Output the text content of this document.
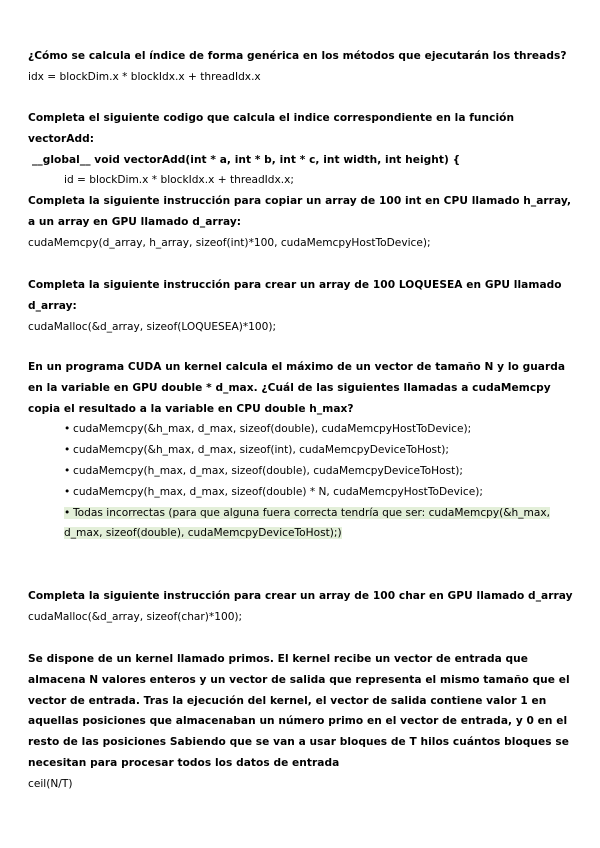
¿Cómo se calcula el índice de forma genérica en los métodos que ejecutarán los threads?
idx = blockDim.x * blockIdx.x + threadIdx.x
Completa el siguiente codigo que calcula el indice correspondiente en la función vectorAdd:
__global__ void vectorAdd(int * a, int * b, int * c, int width, int height) {
id = blockDim.x * blockIdx.x + threadIdx.x;
Completa la siguiente instrucción para copiar un array de 100 int en CPU llamado h_array, a un array en GPU llamado d_array:
cudaMemcpy(d_array, h_array, sizeof(int)*100, cudaMemcpyHostToDevice);
Completa la siguiente instrucción para crear un array de 100 LOQUESEA en GPU llamado d_array:
cudaMalloc(&d_array, sizeof(LOQUESEA)*100);
En un programa CUDA un kernel calcula el máximo de un vector de tamaño N y lo guarda en la variable en GPU double * d_max. ¿Cuál de las siguientes llamadas a cudaMemcpy copia el resultado a la variable en CPU double h_max?
• cudaMemcpy(&h_max, d_max, sizeof(double), cudaMemcpyHostToDevice);
• cudaMemcpy(&h_max, d_max, sizeof(int), cudaMemcpyDeviceToHost);
• cudaMemcpy(h_max, d_max, sizeof(double), cudaMemcpyDeviceToHost);
• cudaMemcpy(h_max, d_max, sizeof(double) * N, cudaMemcpyHostToDevice);
• Todas incorrectas (para que alguna fuera correcta tendría que ser: cudaMemcpy(&h_max, d_max, sizeof(double), cudaMemcpyDeviceToHost);)
Completa la siguiente instrucción para crear un array de 100 char en GPU llamado d_array
cudaMalloc(&d_array, sizeof(char)*100);
Se dispone de un kernel llamado primos. El kernel recibe un vector de entrada que almacena N valores enteros y un vector de salida que representa el mismo tamaño que el vector de entrada. Tras la ejecución del kernel, el vector de salida contiene valor 1 en aquellas posiciones que almacenaban un número primo en el vector de entrada, y 0 en el resto de las posiciones Sabiendo que se van a usar bloques de T hilos cuántos bloques se necesitan para procesar todos los datos de entrada
ceil(N/T)
